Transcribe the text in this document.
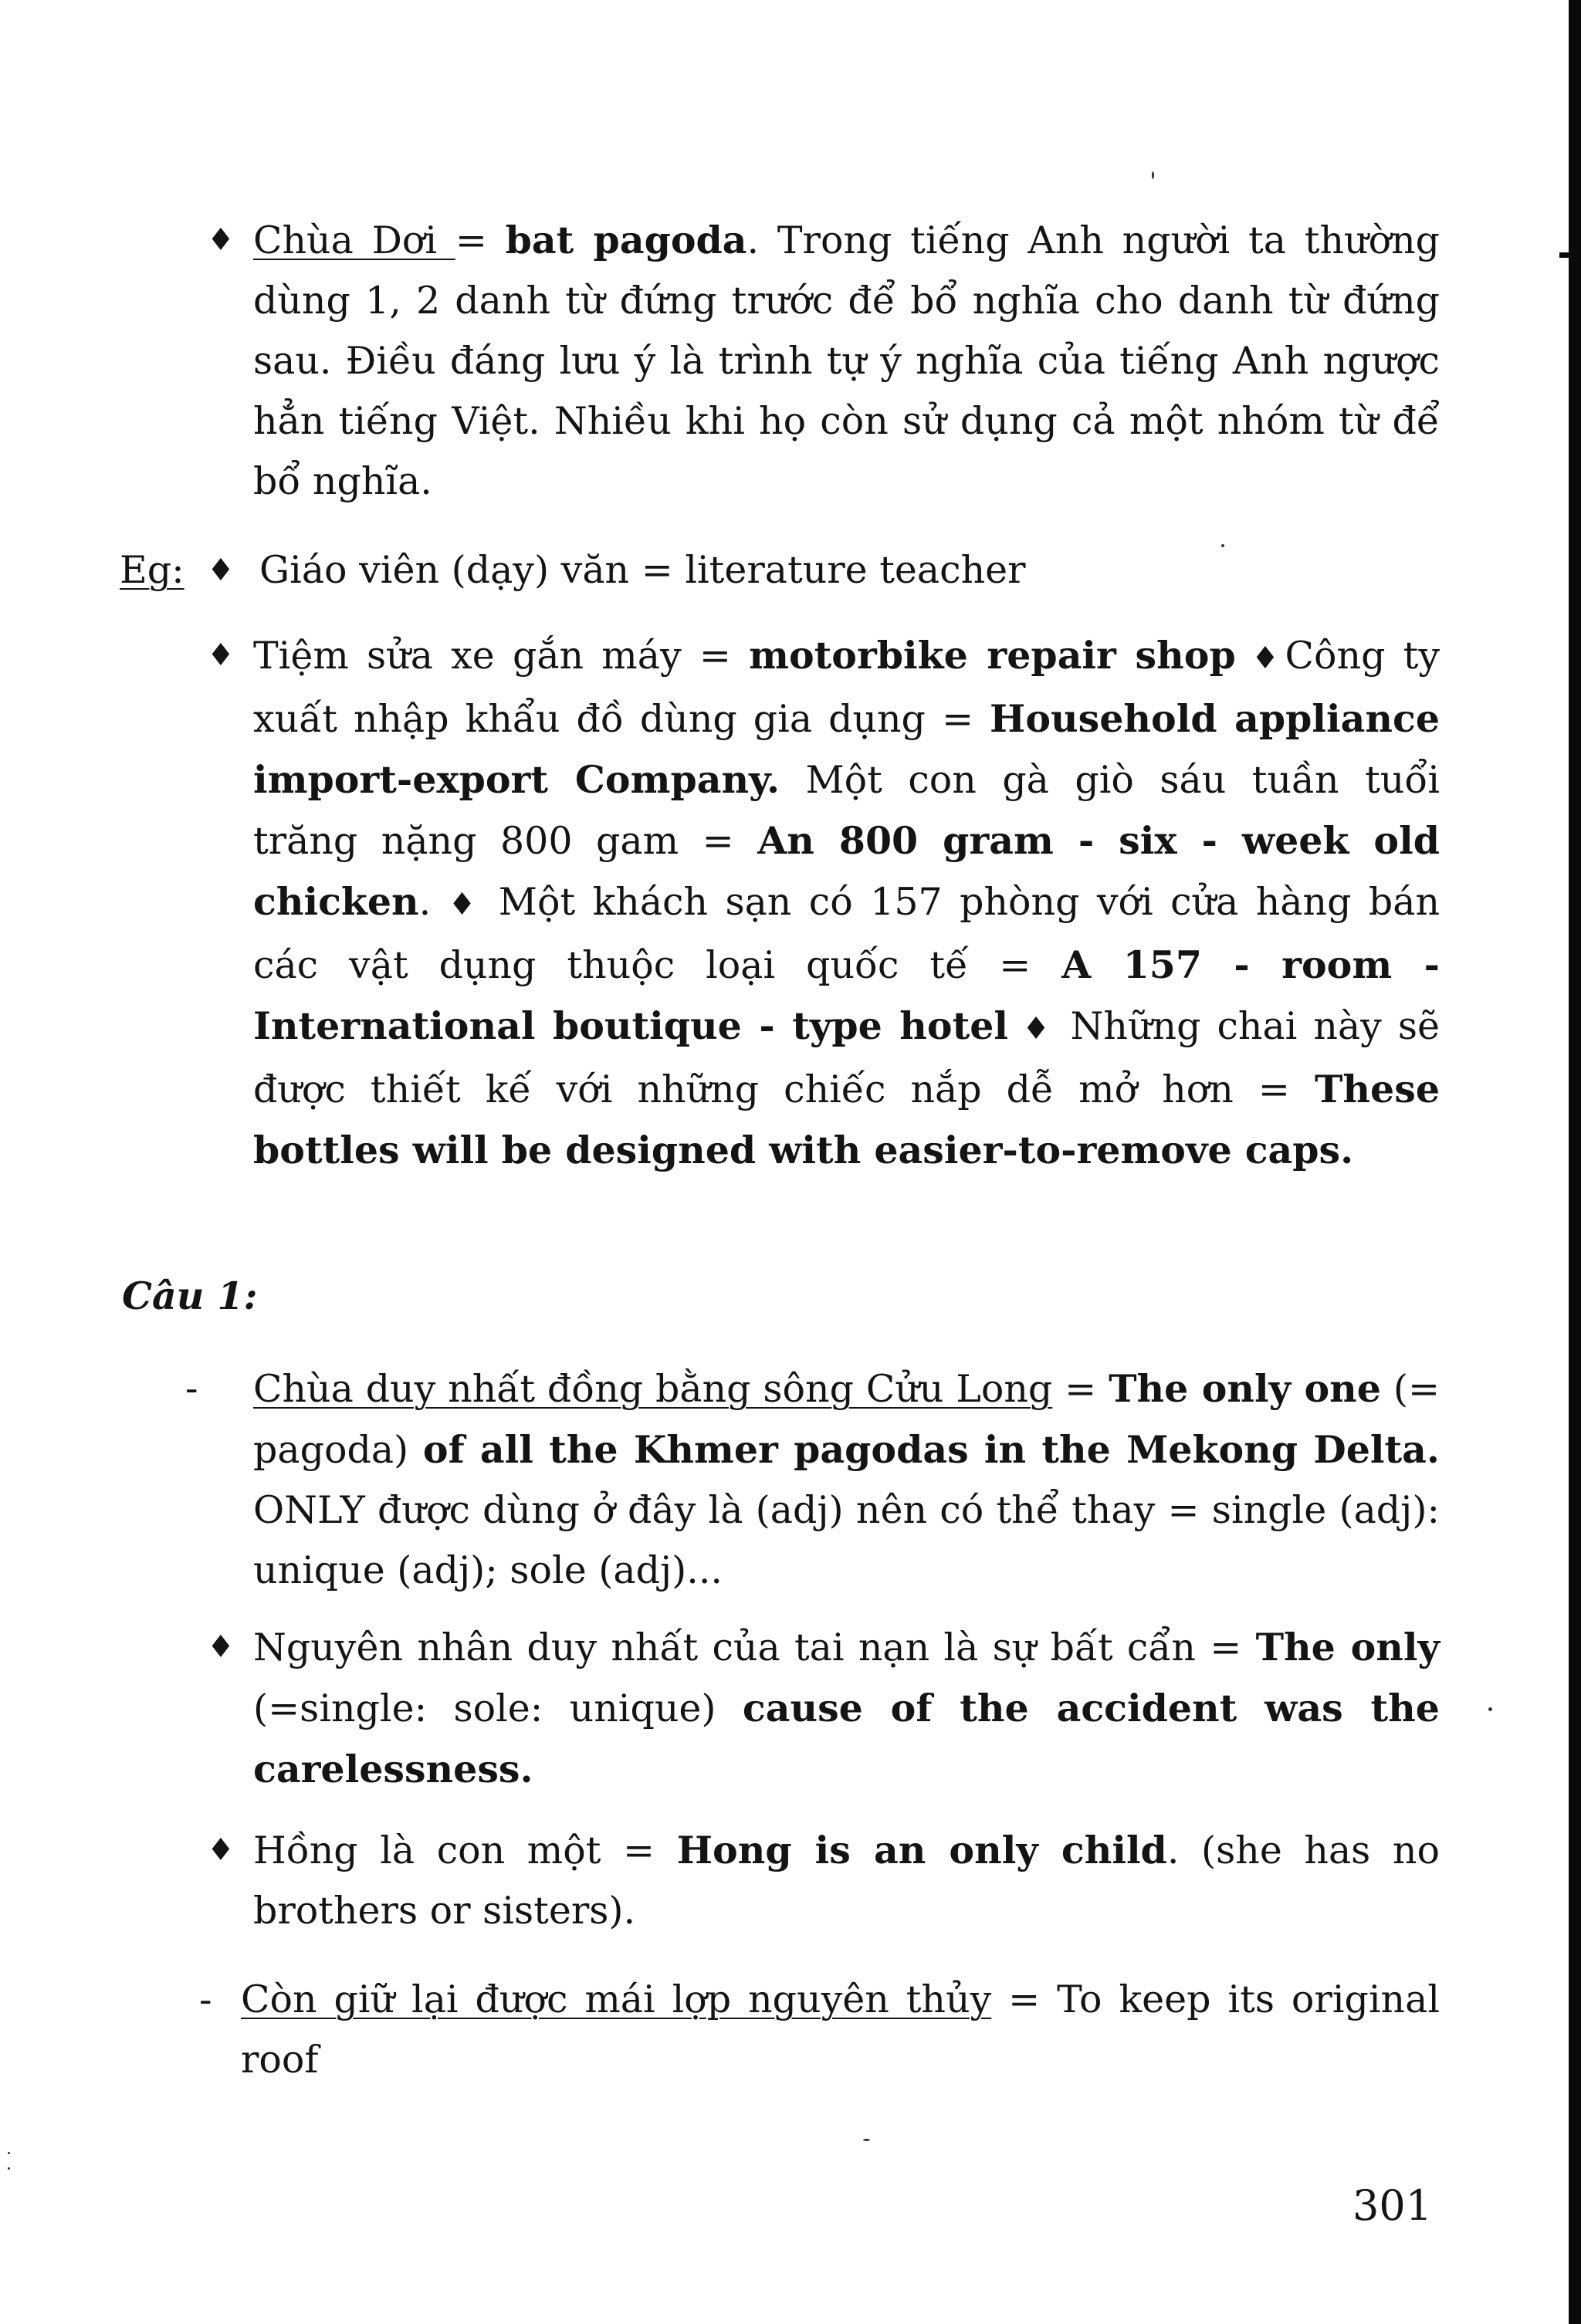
♦ Chùa Dơi = bat pagoda. Trong tiếng Anh người ta thường dùng 1, 2 danh từ đứng trước để bổ nghĩa cho danh từ đứng sau. Điều đáng lưu ý là trình tự ý nghĩa của tiếng Anh ngược hẳn tiếng Việt. Nhiều khi họ còn sử dụng cả một nhóm từ để bổ nghĩa.
Eg: ♦ Giáo viên (dạy) văn = literature teacher
♦ Tiệm sửa xe gắn máy = motorbike repair shop ♦Công ty xuất nhập khẩu đồ dùng gia dụng = Household appliance import-export Company. Một con gà giò sáu tuần tuổi trăng nặng 800 gam = An 800 gram - six - week old chicken. ♦ Một khách sạn có 157 phòng với cửa hàng bán các vật dụng thuộc loại quốc tế = A 157 - room - International boutique - type hotel ♦ Những chai này sẽ được thiết kế với những chiếc nắp dễ mở hơn = These bottles will be designed with easier-to-remove caps.
Câu 1:
- Chùa duy nhất đồng bằng sông Cửu Long = The only one (= pagoda) of all the Khmer pagodas in the Mekong Delta. ONLY được dùng ở đây là (adj) nên có thể thay = single (adj): unique (adj); sole (adj)...
♦ Nguyên nhân duy nhất của tai nạn là sự bất cẩn = The only (=single: sole: unique) cause of the accident was the carelessness.
♦ Hồng là con một = Hong is an only child. (she has no brothers or sisters).
- Còn giữ lại được mái lợp nguyên thủy = To keep its original roof
301
